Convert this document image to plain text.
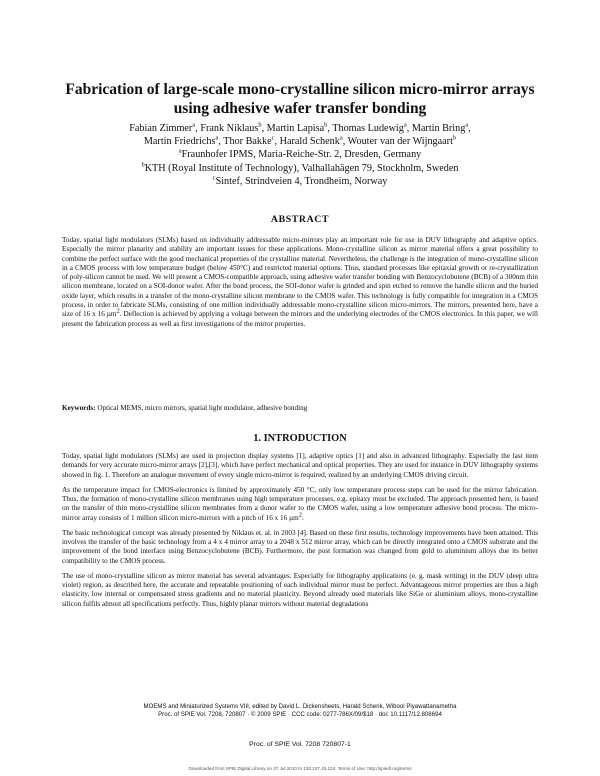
Fabrication of large-scale mono-crystalline silicon micro-mirror arrays
using adhesive wafer transfer bonding
Fabian Zimmer$^a$, Frank Niklaus$^b$, Martin Lapisa$^b$, Thomas Ludewig$^a$, Martin Bring$^a$,
Martin Friedrichs$^a$, Thor Bakke$^c$, Harald Schenk$^a$, Wouter van der Wijngaart$^b$
$^a$Fraunhofer IPMS, Maria-Reiche-Str. 2, Dresden, Germany
$^b$KTH (Royal Institute of Technology), Valhallahägen 79, Stockholm, Sweden
$^c$Sintef, Strindveien 4, Trondheim, Norway
ABSTRACT

Today, spatial light modulators (SLMs) based on individually addressable micro-mirrors play an important role for use in DUV lithography and adaptive optics. Especially the mirror planarity and stability are important issues for these applications. Mono-crystalline silicon as mirror material offers a great possibility to combine the perfect surface with the good mechanical properties of the crystalline material. Nevertheless, the challenge is the integration of mono-crystalline silicon in a CMOS process with low temperature budget (below 450°C) and restricted material options. Thus, standard processes like epitaxial growth or re-crystallization of poly-silicon cannot be used. We will present a CMOS-compatible approach, using adhesive wafer transfer bonding with Benzocyclobutene (BCB) of a 300nm thin silicon membrane, located on a SOI-donor wafer. After the bond process, the SOI-donor wafer is grinded and spin etched to remove the handle silicon and the buried oxide layer, which results in a transfer of the mono-crystalline silicon membrane to the CMOS wafer. This technology is fully compatible for integration in a CMOS process, in order to fabricate SLMs, consisting of one million individually addressable mono-crystalline silicon micro-mirrors. The mirrors, presented here, have a size of 16 x 16 µm$^2$. Deflection is achieved by applying a voltage between the mirrors and the underlying electrodes of the CMOS electronics. In this paper, we will present the fabrication process as well as first investigations of the mirror properties.

Keywords: Optical MEMS, micro mirrors, spatial light modulator, adhesive bonding

1. INTRODUCTION

Today, spatial light modulators (SLMs) are used in projection display systems [1], adaptive optics [1] and also in advanced lithography. Especially the last item demands for very accurate micro-mirror arrays [2],[3], which have perfect mechanical and optical properties. They are used for instance in DUV lithography systems showed in fig. 1. Therefore an analogue movement of every single micro-mirror is required, realized by an underlying CMOS driving circuit.

As the temperature impact for CMOS-electronics is limited by approximately 450 °C, only low temperature process steps can be used for the mirror fabrication. Thus, the formation of mono-crystalline silicon membranes using high temperature processes, e.g. epitaxy must be excluded. The approach presented here, is based on the transfer of thin mono-crystalline silicon membranes from a donor wafer to the CMOS wafer, using a low temperature adhesive bond process. The micro-mirror array consists of 1 million silicon micro-mirrors with a pitch of 16 x 16 µm$^2$.

The basic technological concept was already presented by Niklaus et. al. in 2003 [4]. Based on these first results, technology improvements have been attained. This involves the transfer of the basic technology from a 4 x 4 mirror array to a 2048 x 512 mirror array, which can be directly integrated onto a CMOS substrate and the improvement of the bond interface using Benzocyclobutene (BCB). Furthermore, the post formation was changed from gold to aluminium alloys due its better compatibility to the CMOS process.

The use of mono-crystalline silicon as mirror material has several advantages. Especially for lithography applications (e. g. mask writing) in the DUV (deep ultra violet) region, as described here, the accurate and repeatable positioning of each individual mirror must be perfect. Advantageous mirror properties are thus a high elasticity, low internal or compensated stress gradients and no material plasticity. Beyond already used materials like SiGe or aluminium alloys, mono-crystalline silicon fulfils almost all specifications perfectly. Thus, highly planar mirrors without material degradations

MOEMS and Miniaturized Systems VIII, edited by David L. Dickensheets, Harald Schenk, Wibool Piyawattanametha
Proc. of SPIE Vol. 7208, 720807 · © 2009 SPIE · CCC code: 0277-786X/09/$18 · doi: 10.1117/12.808694
Proc. of SPIE Vol. 7208 720807-1
Downloaded from SPIE Digital Library on 27 Jul 2010 to 130.237.43.124. Terms of Use: http://spiedl.org/terms
